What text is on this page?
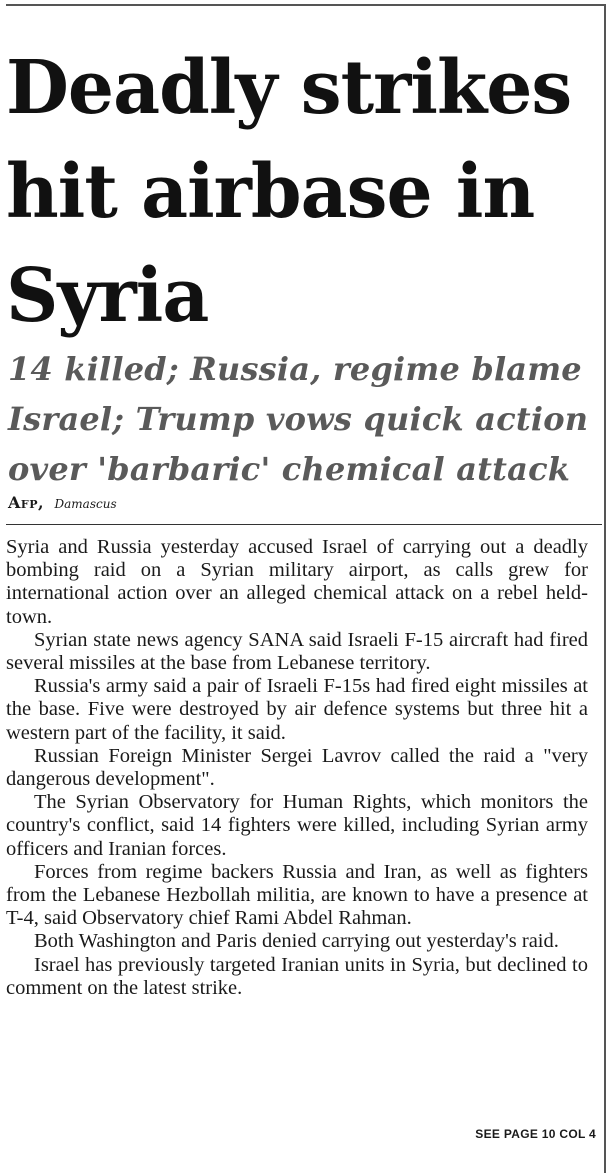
Deadly strikes hit airbase in Syria
14 killed; Russia, regime blame Israel; Trump vows quick action over 'barbaric' chemical attack
Afp, Damascus

Syria and Russia yesterday accused Israel of carrying out a deadly bombing raid on a Syrian military airport, as calls grew for international action over an alleged chemical attack on a rebel held-town.

Syrian state news agency SANA said Israeli F-15 aircraft had fired several missiles at the base from Lebanese territory.

Russia's army said a pair of Israeli F-15s had fired eight missiles at the base. Five were destroyed by air defence systems but three hit a western part of the facility, it said.

Russian Foreign Minister Sergei Lavrov called the raid a "very dangerous development".

The Syrian Observatory for Human Rights, which monitors the country's conflict, said 14 fighters were killed, including Syrian army officers and Iranian forces.

Forces from regime backers Russia and Iran, as well as fighters from the Lebanese Hezbollah militia, are known to have a presence at T-4, said Observatory chief Rami Abdel Rahman.

Both Washington and Paris denied carrying out yesterday's raid.

Israel has previously targeted Iranian units in Syria, but declined to comment on the latest strike.

SEE PAGE 10 COL 4
